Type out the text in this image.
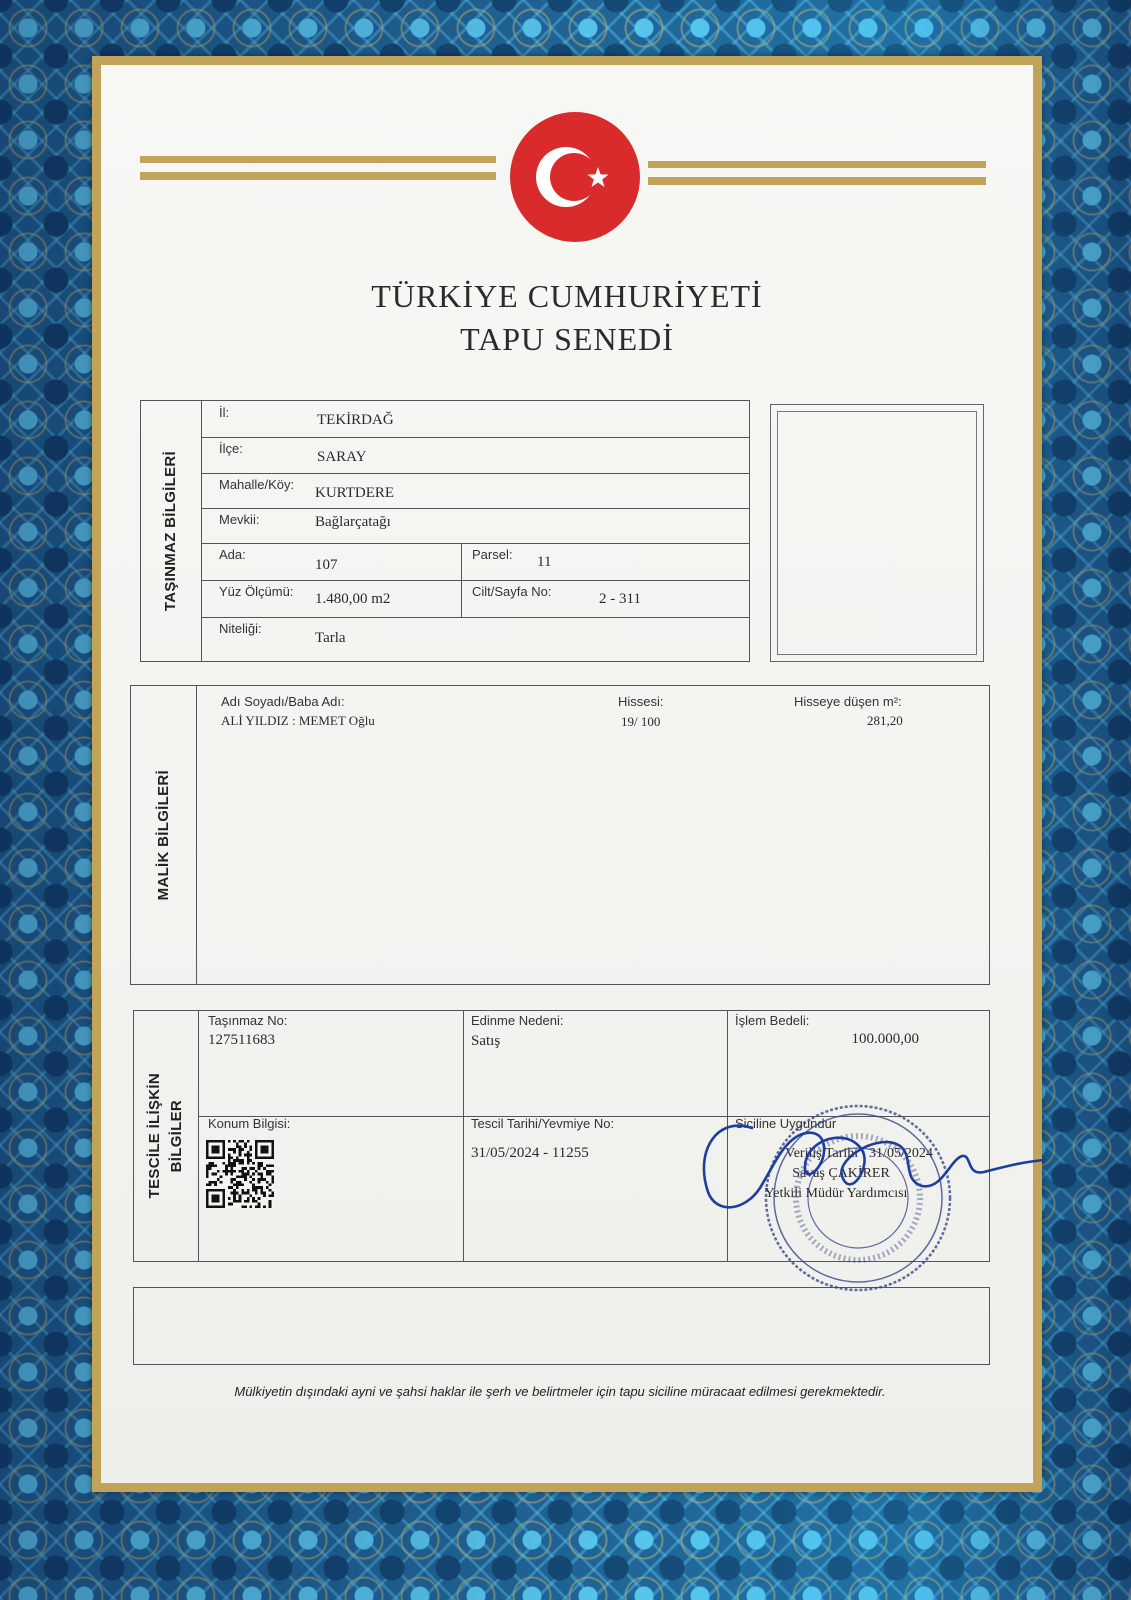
TÜRKİYE CUMHURİYETİ
TAPU SENEDİ
TAŞINMAZ BİLGİLERİ
İl:	TEKİRDAĞ
İlçe:
SARAY
Mahalle/Köy:
KURTDERE
Mevkii:	Bağlarçatağı
Ada:
107
Parsel: 11
Yüz Ölçümü: 1.480,00 m2	Cilt/Sayfa No:	2 - 311
Niteliği:
Tarla
MALİK BİLGİLERİ
Adı Soyadı/Baba Adı:	Hissesi:	Hisseye düşen m²:
ALİ YILDIZ : MEMET Oğlu	19/ 100	281,20
TESCİLE İLİŞKİN BİLGİLER
Taşınmaz No:
127511683
Edinme Nedeni:
Satış
İşlem Bedeli:
100.000,00
Konum Bilgisi:	Tescil Tarihi/Yevmiye No:
31/05/2024 - 11255
Siciline Uygundur
Veriliş Tarihi : 31/05/2024
Savaş ÇAKİRER
Yetkili Müdür Yardımcısı
Mülkiyetin dışındaki ayni ve şahsi haklar ile şerh ve belirtmeler için tapu siciline müracaat edilmesi gerekmektedir.
